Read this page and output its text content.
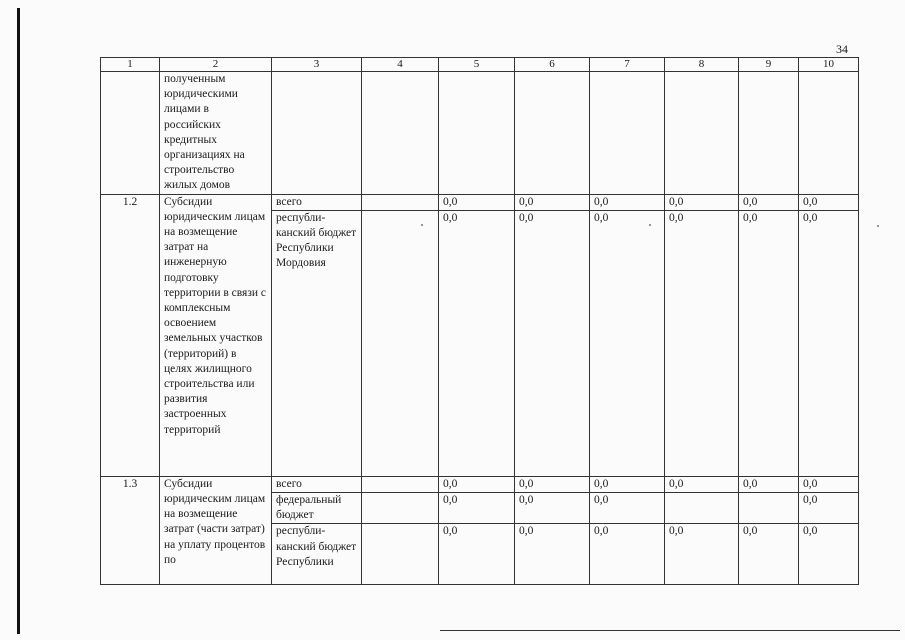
34
1	2	3	4	5	6	7	8	9	10
	полученным юридическими лицами в российских кредитных организациях на строительство жилых домов								
1.2	Субсидии юридическим лицам на возмещение затрат на инженерную подготовку территории в связи с комплексным освоением земельных участков (территорий) в целях жилищного строительства или развития застроенных территорий	всего		0,0	0,0	0,0	0,0	0,0	0,0
		республи-канский бюджет Республики Мордовия		0,0	0,0	0,0	0,0	0,0	0,0
1.3	Субсидии юридическим лицам на возмещение затрат (части затрат) на уплату процентов по	всего		0,0	0,0	0,0	0,0	0,0	0,0
		федеральный бюджет		0,0	0,0	0,0			0,0
		республи-канский бюджет Республики		0,0	0,0	0,0	0,0	0,0	0,0
